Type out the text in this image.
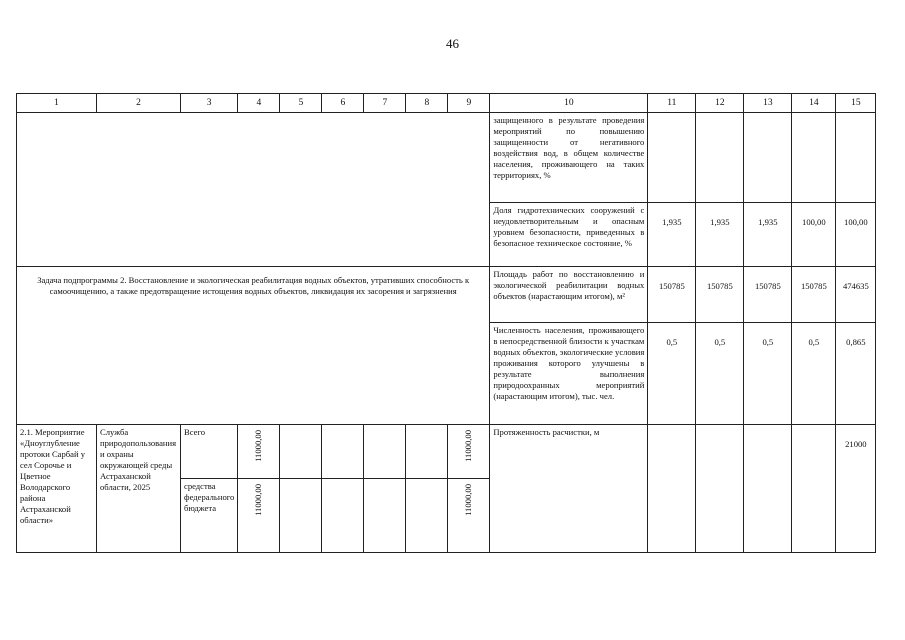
46
1	2	3	4	5	6	7	8	9	10	11	12	13	14	15
									защищенного в результате проведения мероприятий по повышению защищенности от негативного воздействия вод, в общем количестве населения, проживающего на таких территориях, %					
									Доля гидротехнических сооружений с неудовлетворительным и опасным уровнем безопасности, приведенных в безопасное техническое состояние, %	1,935	1,935	1,935	100,00	100,00
Задача подпрограммы 2. Восстановление и экологическая реабилитация водных объектов, утративших способность к самоочищению, а также предотвращение истощения водных объектов, ликвидация их засорения и загрязнения									Площадь работ по восстановлению и экологической реабилитации водных объектов (нарастающим итогом), м²	150785	150785	150785	150785	474635
									Численность населения, проживающего в непосредственной близости к участкам водных объектов, экологические условия проживания которого улучшены в результате выполнения природоохранных мероприятий (нарастающим итогом), тыс. чел.	0,5	0,5	0,5	0,5	0,865
2.1. Мероприятие «Дноуглубление протоки Сарбай у сел Сорочье и Цветное Володарского района Астраханской области»	Служба природопользования и охраны окружающей среды Астраханской области, 2025	Всего	11000,00					11000,00	Протяженность расчистки, м					21000
		средства федерального бюджета	11000,00					11000,00						
